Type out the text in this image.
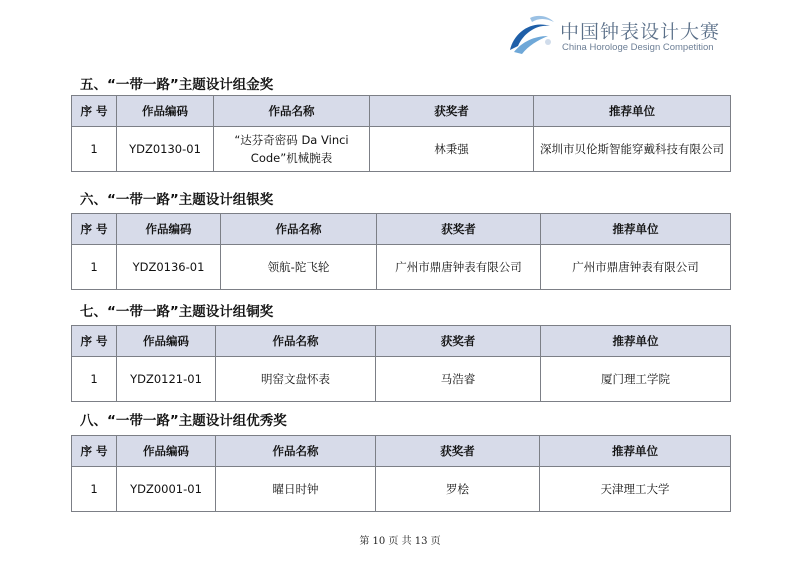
中国钟表设计大赛
China Horologe Design Competition
五、“一带一路”主题设计组金奖
序 号	作品编码	作品名称	获奖者	推荐单位
1	YDZ0130-01	“达芬奇密码 Da Vinci
Code”机械腕表	林秉强	深圳市贝伦斯智能穿戴科技有限公司
六、“一带一路”主题设计组银奖
序 号	作品编码	作品名称	获奖者	推荐单位
1	YDZ0136-01	领航-陀飞轮	广州市鼎唐钟表有限公司	广州市鼎唐钟表有限公司
七、“一带一路”主题设计组铜奖
序 号	作品编码	作品名称	获奖者	推荐单位
1	YDZ0121-01	明窑文盘怀表	马浩睿	厦门理工学院
八、“一带一路”主题设计组优秀奖
序 号	作品编码	作品名称	获奖者	推荐单位
1	YDZ0001-01	曜日时钟	罗桧	天津理工大学
第 10 页 共 13 页
